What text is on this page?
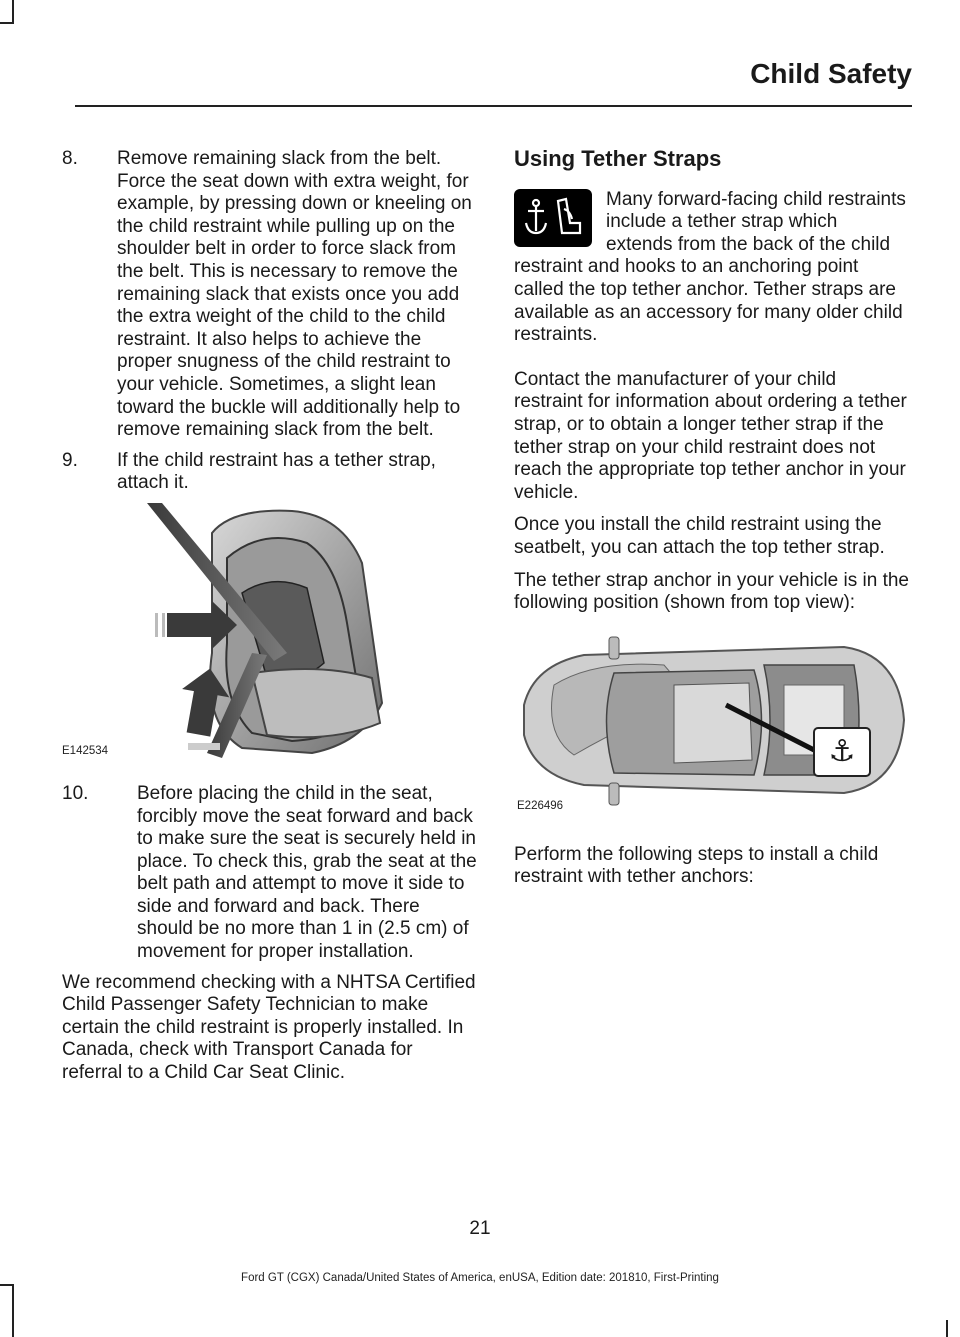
Child Safety
8.	Remove remaining slack from the belt. Force the seat down with extra weight, for example, by pressing down or kneeling on the child restraint while pulling up on the shoulder belt in order to force slack from the belt. This is necessary to remove the remaining slack that exists once you add the extra weight of the child to the child restraint. It also helps to achieve the proper snugness of the child restraint to your vehicle. Sometimes, a slight lean toward the buckle will additionally help to remove remaining slack from the belt.
9.	If the child restraint has a tether strap, attach it.
E142534
10.	Before placing the child in the seat, forcibly move the seat forward and back to make sure the seat is securely held in place. To check this, grab the seat at the belt path and attempt to move it side to side and forward and back. There should be no more than 1 in (2.5 cm) of movement for proper installation.

We recommend checking with a NHTSA Certified Child Passenger Safety Technician to make certain the child restraint is properly installed. In Canada, check with Transport Canada for referral to a Child Car Seat Clinic.

Using Tether Straps
Many forward-facing child restraints include a tether strap which extends from the back of the child restraint and hooks to an anchoring point called the top tether anchor. Tether straps are available as an accessory for many older child restraints.

Contact the manufacturer of your child restraint for information about ordering a tether strap, or to obtain a longer tether strap if the tether strap on your child restraint does not reach the appropriate top tether anchor in your vehicle.

Once you install the child restraint using the seatbelt, you can attach the top tether strap.

The tether strap anchor in your vehicle is in the following position (shown from top view):

⚓
E226496

Perform the following steps to install a child restraint with tether anchors:

21
Ford GT (CGX) Canada/United States of America, enUSA, Edition date: 201810, First-Printing
